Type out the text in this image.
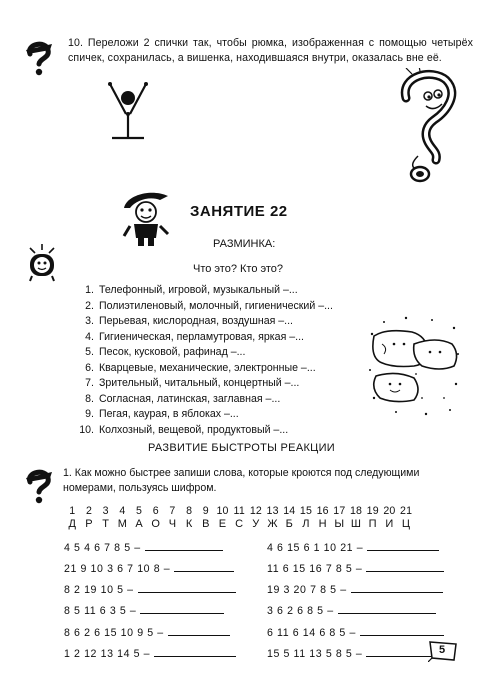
10. Переложи 2 спички так, чтобы рюмка, изображенная с помощью четырёх спичек, сохранилась, а вишенка, находившаяся внутри, оказалась вне её.
ЗАНЯТИЕ 22
РАЗМИНКА:
Что это? Кто это?
1. Телефонный, игровой, музыкальный –...
2. Полиэтиленовый, молочный, гигиенический –...
3. Перьевая, кислородная, воздушная –...
4. Гигиеническая, перламутровая, яркая –...
5. Песок, кусковой, рафинад –...
6. Кварцевые, механические, электронные –...
7. Зрительный, читальный, концертный –...
8. Согласная, латинская, заглавная –...
9. Пегая, каурая, в яблоках –...
10. Колхозный, вещевой, продуктовый –...
РАЗВИТИЕ БЫСТРОТЫ РЕАКЦИИ
1. Как можно быстрее запиши слова, которые кроются под следующими номерами, пользуясь шифром.
1 2 3 4 5 6 7 8 9 10 11 12 13 14 15 16 17 18 19 20 21
Д Р Т М А О Ч К В Е С У Ж Б Л Н Ы Ш П И Ц
4 5 4 6 7 8 5 –
21 9 10 3 6 7 10 8 –
8 2 19 10 5 –
8 5 11 6 3 5 –
8 6 2 6 15 10 9 5 –
1 2 12 13 14 5 –
4 6 15 6 1 10 21 –
11 6 15 16 7 8 5 –
19 3 20 7 8 5 –
3 6 2 6 8 5 –
6 11 6 14 6 8 5 –
15 5 11 13 5 8 5 –	5
